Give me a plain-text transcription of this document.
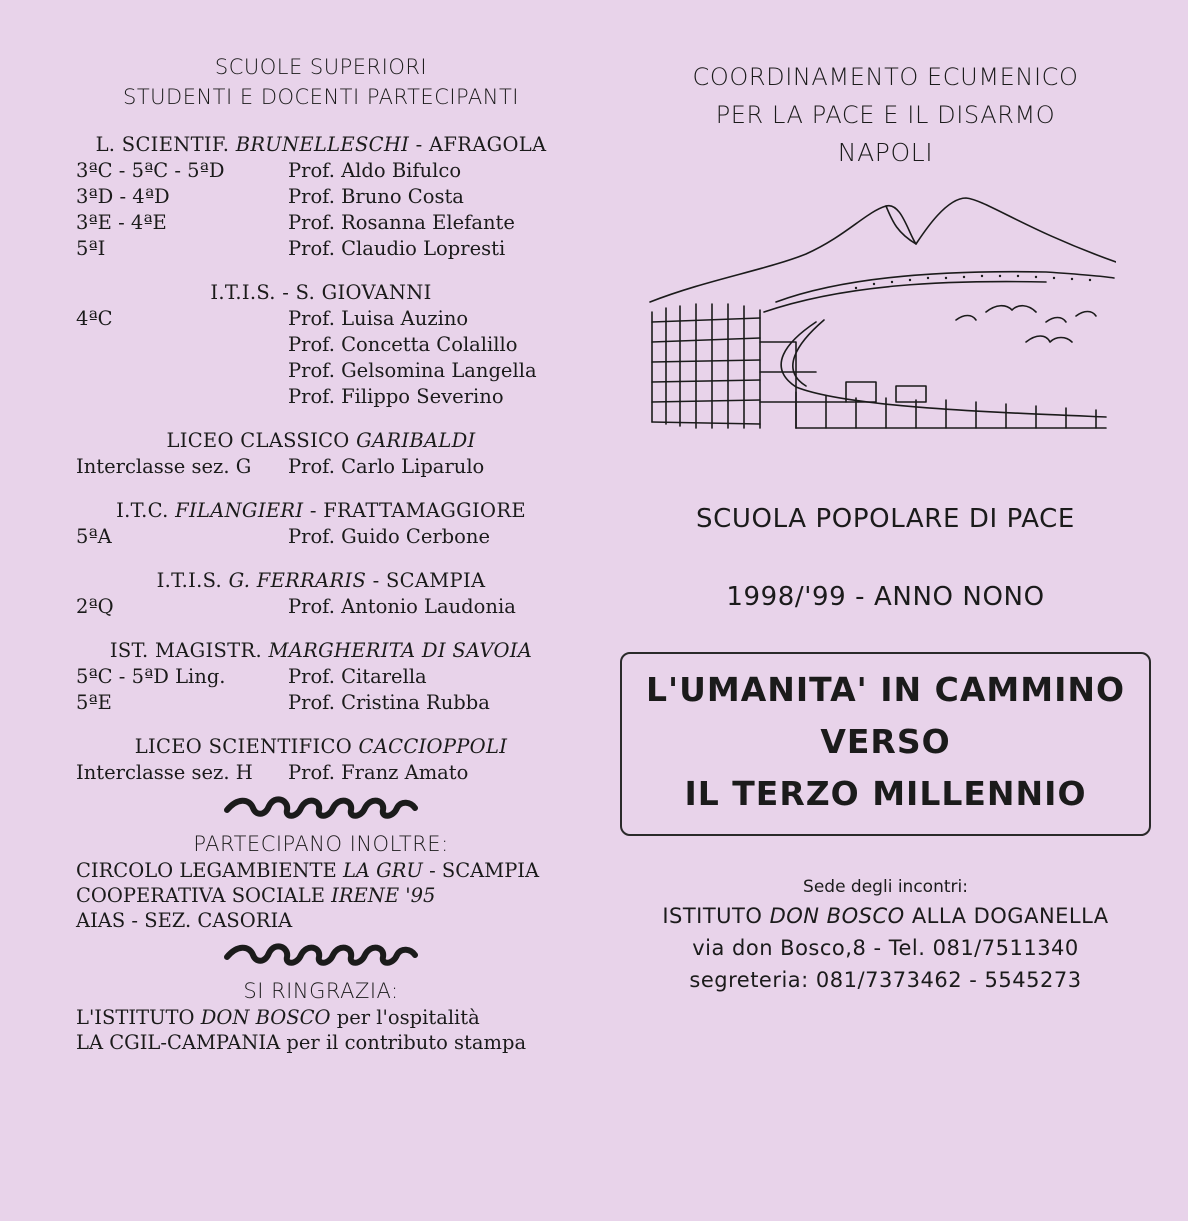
SCUOLE SUPERIORI
STUDENTI E DOCENTI PARTECIPANTI
L. SCIENTIF. BRUNELLESCHI - AFRAGOLA
3ªC - 5ªC - 5ªD	Prof. Aldo Bifulco
3ªD - 4ªD	Prof. Bruno Costa
3ªE - 4ªE	Prof. Rosanna Elefante
5ªI	Prof. Claudio Lopresti
I.T.I.S. - S. GIOVANNI
4ªC	Prof. Luisa Auzino
Prof. Concetta Colalillo
Prof. Gelsomina Langella
Prof. Filippo Severino
LICEO CLASSICO GARIBALDI
Interclasse sez. G	Prof. Carlo Liparulo
I.T.C. FILANGIERI - FRATTAMAGGIORE
5ªA	Prof. Guido Cerbone
I.T.I.S. G. FERRARIS - SCAMPIA
2ªQ	Prof. Antonio Laudonia
IST. MAGISTR. MARGHERITA DI SAVOIA
5ªC - 5ªD Ling.	Prof. Citarella
5ªE	Prof. Cristina Rubba
LICEO SCIENTIFICO CACCIOPPOLI
Interclasse sez. H	Prof. Franz Amato
PARTECIPANO INOLTRE:
CIRCOLO LEGAMBIENTE LA GRU - SCAMPIA
COOPERATIVA SOCIALE IRENE '95
AIAS - SEZ. CASORIA
SI RINGRAZIA:
L'ISTITUTO DON BOSCO per l'ospitalità
LA CGIL-CAMPANIA per il contributo stampa
COORDINAMENTO ECUMENICO
PER LA PACE E IL DISARMO
NAPOLI
SCUOLA POPOLARE DI PACE
1998/'99 - ANNO NONO
L'UMANITA' IN CAMMINO
VERSO
IL TERZO MILLENNIO
Sede degli incontri:
ISTITUTO DON BOSCO ALLA DOGANELLA
via don Bosco,8 - Tel. 081/7511340
segreteria: 081/7373462 - 5545273
